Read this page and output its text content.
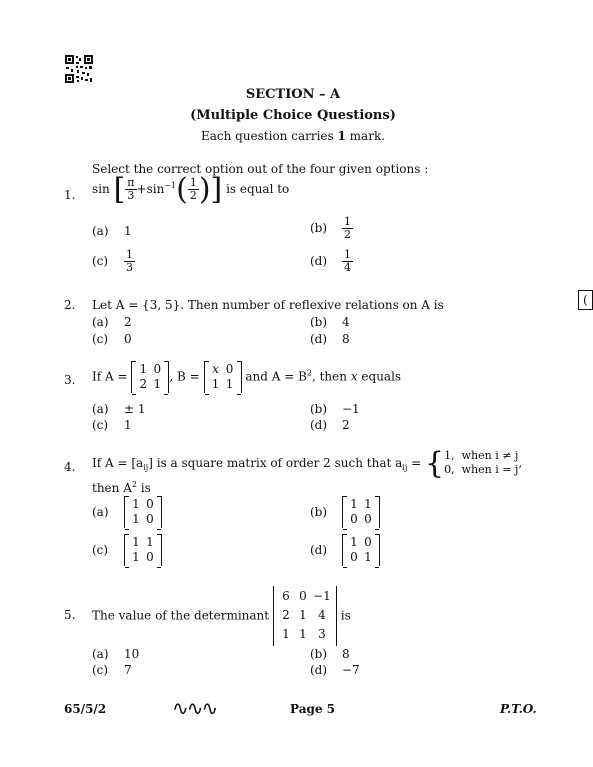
SECTION – A
(Multiple Choice Questions)
Each question carries 1 mark.
Select the correct option out of the four given options :
(
1. sin [ $\frac{\pi}{3} +\sin^{-1}( \frac{1}{2}$ )] is equal to
(a) 1	$(b) \frac{1}{2}$
$(c) \frac{1}{3}$	$(d) \frac{1}{4}$
2. Let A = {3, 5}. Then number of reflexive relations on A is
(a) 2	(b) 4
(c) 0	(d) 8
3. If A =
1 0
2 1
, B =
x 0
1 1
and $A = B^2$, then x equals
(a) ± 1	(b) −1
(c) 1	(d) 2
4. If $A = [a_{ij}]$ is a square matrix of order 2 such that $a_{ij} = \{1$, when i ≠ j
0, when i = j,
then $A^2$ is
(a)
1 0
1 0
(b)
1 1
0 0
(c)
1 1
1 0
(d)
1 0
0 1
5. The value of the determinant
6 0 −1
2 1 4
1 1 3
is
(a) 10	(b) 8
(c) 7	(d) −7
65/5/2	∿∿∿	Page 5	P.T.O.
